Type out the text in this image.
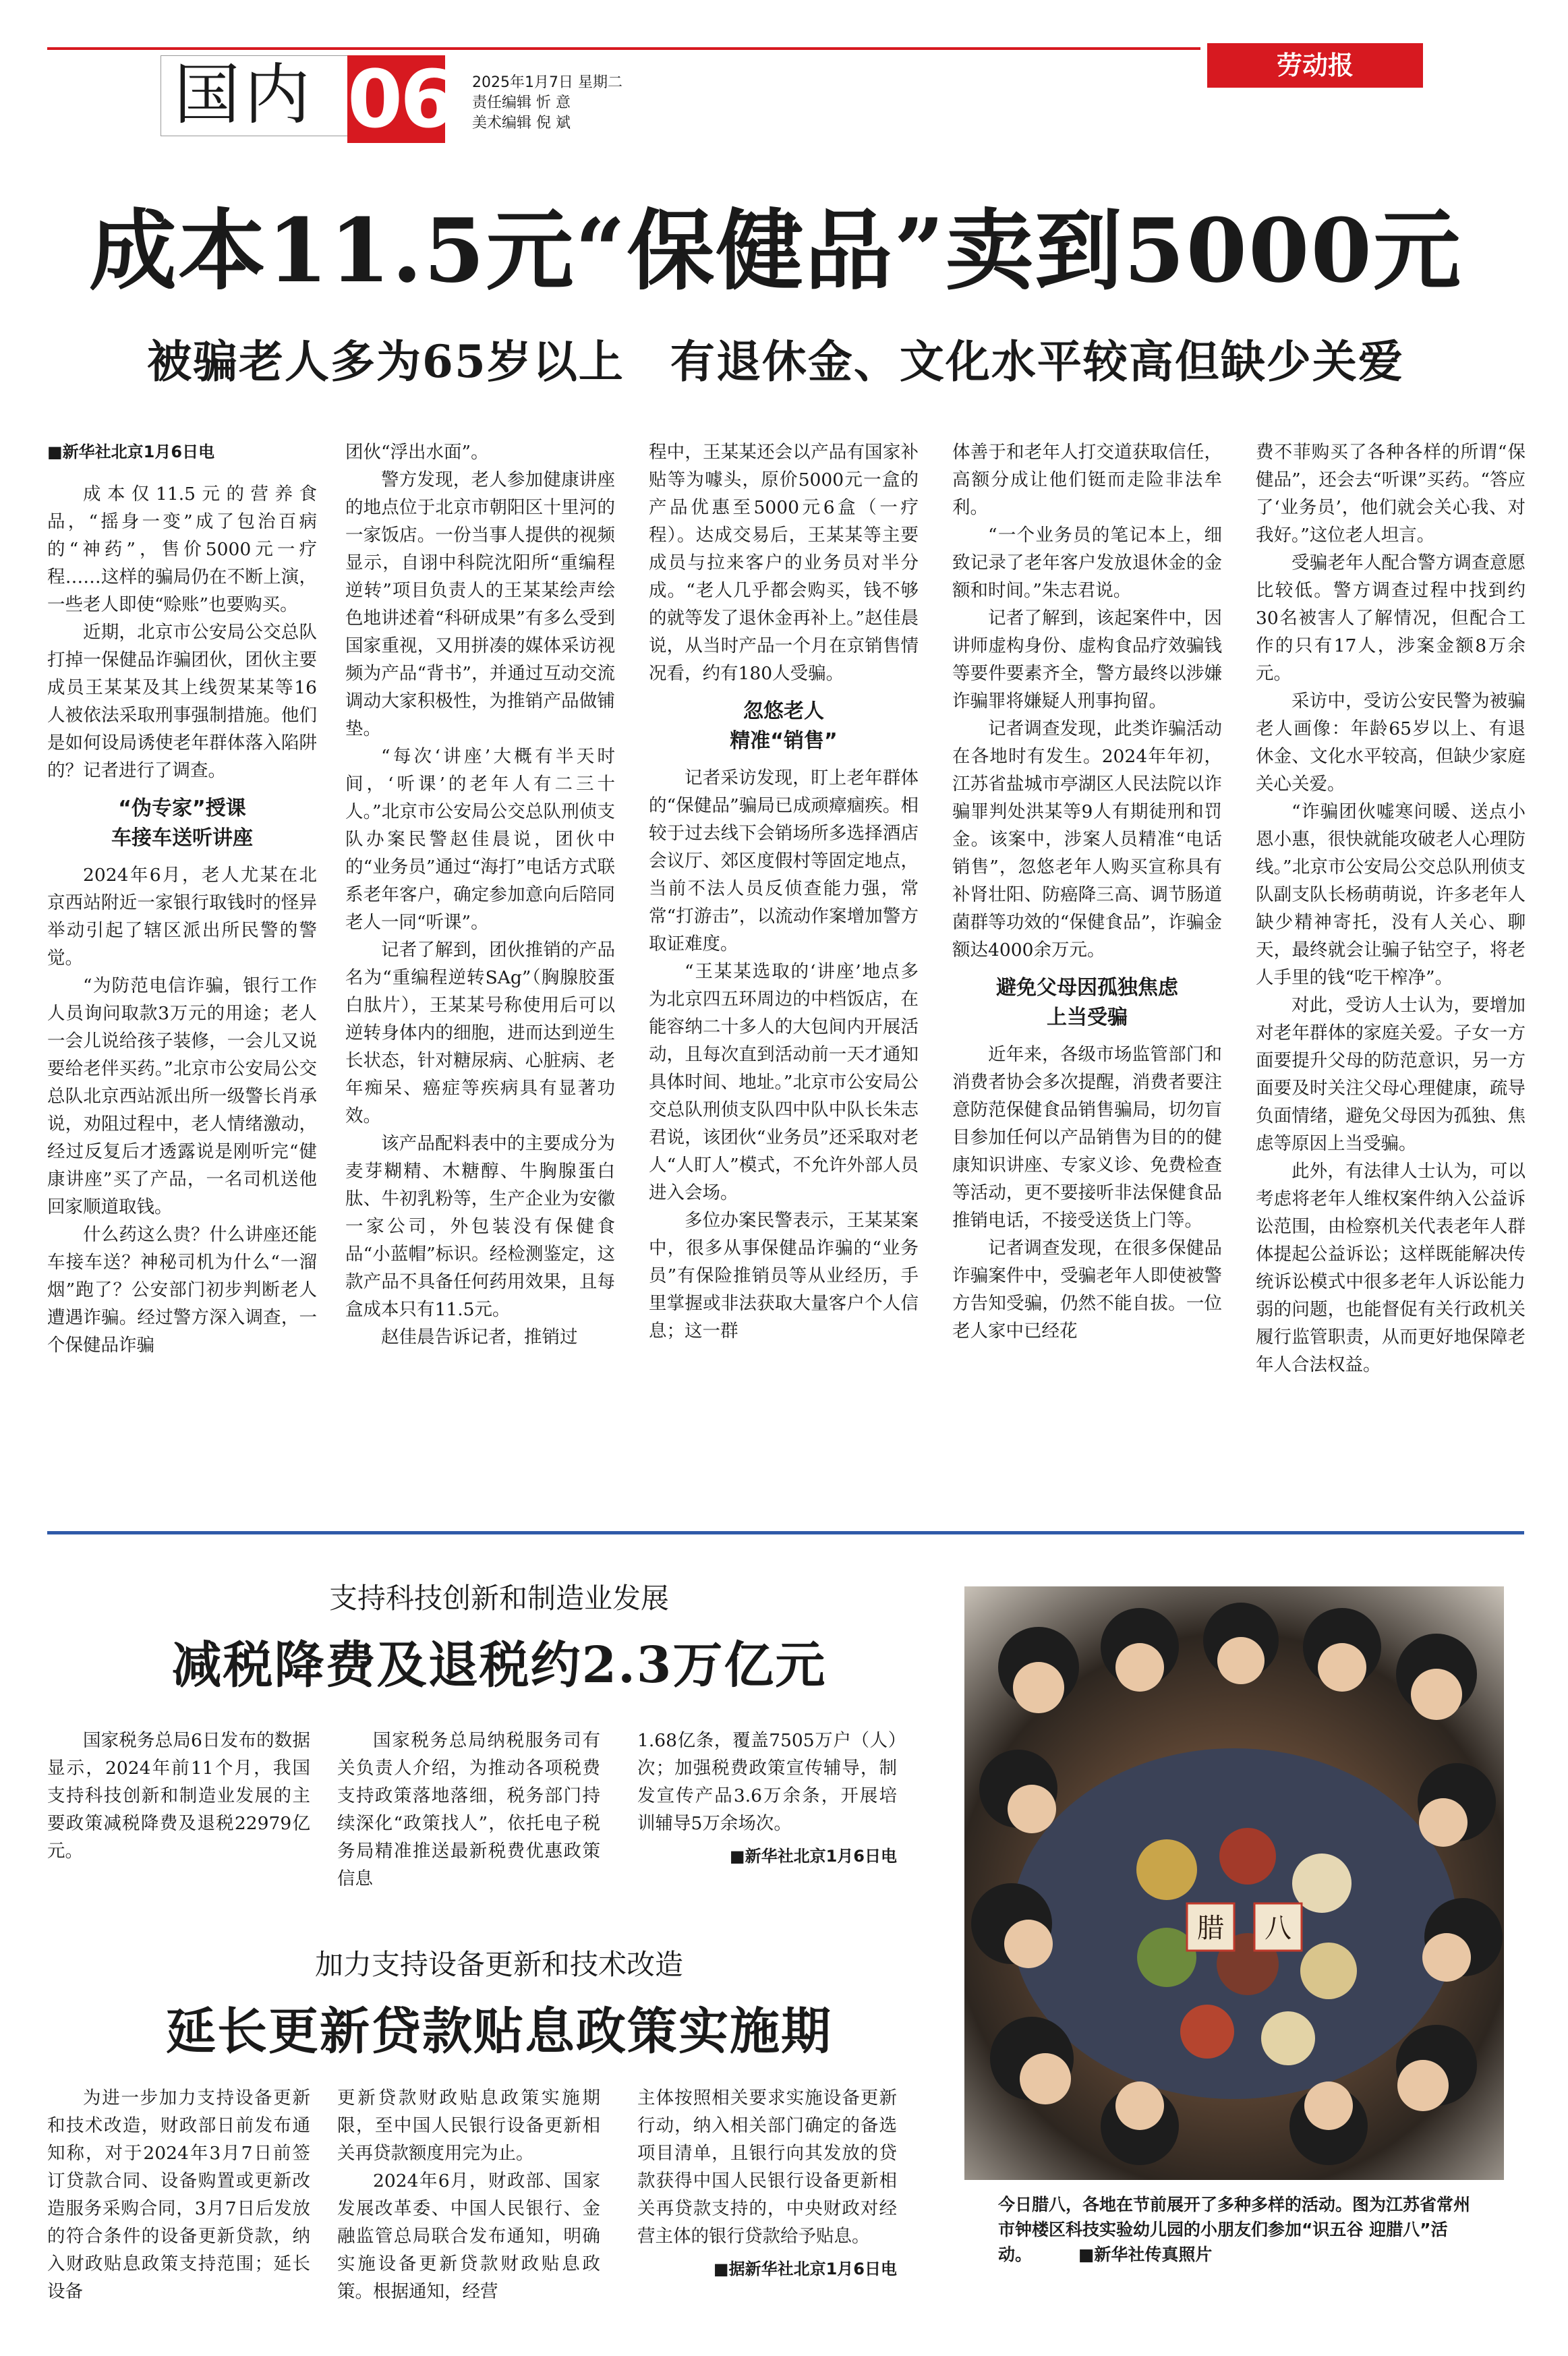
国内 06 2025年1月7日 星期二
责任编辑 忻 意
美术编辑 倪 斌
劳动报
成本11.5元“保健品”卖到5000元
被骗老人多为65岁以上　有退休金、文化水平较高但缺少关爱
■新华社北京1月6日电

成本仅11.5元的营养食品，“摇身一变”成了包治百病的“神药”，售价5000元一疗程……这样的骗局仍在不断上演，一些老人即使“赊账”也要购买。

近期，北京市公安局公交总队打掉一保健品诈骗团伙，团伙主要成员王某某及其上线贺某某等16人被依法采取刑事强制措施。他们是如何设局诱使老年群体落入陷阱的？记者进行了调查。

“伪专家”授课
车接车送听讲座

2024年6月，老人尤某在北京西站附近一家银行取钱时的怪异举动引起了辖区派出所民警的警觉。

“为防范电信诈骗，银行工作人员询问取款3万元的用途；老人一会儿说给孩子装修，一会儿又说要给老伴买药。”北京市公安局公交总队北京西站派出所一级警长肖承说，劝阻过程中，老人情绪激动，经过反复后才透露说是刚听完“健康讲座”买了产品，一名司机送他回家顺道取钱。

什么药这么贵？什么讲座还能车接车送？神秘司机为什么“一溜烟”跑了？公安部门初步判断老人遭遇诈骗。经过警方深入调查，一个保健品诈骗

团伙“浮出水面”。

警方发现，老人参加健康讲座的地点位于北京市朝阳区十里河的一家饭店。一份当事人提供的视频显示，自诩中科院沈阳所“重编程逆转”项目负责人的王某某绘声绘色地讲述着“科研成果”有多么受到国家重视，又用拼凑的媒体采访视频为产品“背书”，并通过互动交流调动大家积极性，为推销产品做铺垫。

“每次‘讲座’大概有半天时间，‘听课’的老年人有二三十人。”北京市公安局公交总队刑侦支队办案民警赵佳晨说，团伙中的“业务员”通过“海打”电话方式联系老年客户，确定参加意向后陪同老人一同“听课”。

记者了解到，团伙推销的产品名为“重编程逆转SAg”（胸腺胶蛋白肽片），王某某号称使用后可以逆转身体内的细胞，进而达到逆生长状态，针对糖尿病、心脏病、老年痴呆、癌症等疾病具有显著功效。

该产品配料表中的主要成分为麦芽糊精、木糖醇、牛胸腺蛋白肽、牛初乳粉等，生产企业为安徽一家公司，外包装没有保健食品“小蓝帽”标识。经检测鉴定，这款产品不具备任何药用效果，且每盒成本只有11.5元。

赵佳晨告诉记者，推销过

程中，王某某还会以产品有国家补贴等为噱头，原价5000元一盒的产品优惠至5000元6盒（一疗程）。达成交易后，王某某等主要成员与拉来客户的业务员对半分成。“老人几乎都会购买，钱不够的就等发了退休金再补上。”赵佳晨说，从当时产品一个月在京销售情况看，约有180人受骗。

忽悠老人
精准“销售”

记者采访发现，盯上老年群体的“保健品”骗局已成顽瘴痼疾。相较于过去线下会销场所多选择酒店会议厅、郊区度假村等固定地点，当前不法人员反侦查能力强，常常“打游击”，以流动作案增加警方取证难度。

“王某某选取的‘讲座’地点多为北京四五环周边的中档饭店，在能容纳二十多人的大包间内开展活动，且每次直到活动前一天才通知具体时间、地址。”北京市公安局公交总队刑侦支队四中队中队长朱志君说，该团伙“业务员”还采取对老人“人盯人”模式，不允许外部人员进入会场。

多位办案民警表示，王某某案中，很多从事保健品诈骗的“业务员”有保险推销员等从业经历，手里掌握或非法获取大量客户个人信息；这一群

体善于和老年人打交道获取信任，高额分成让他们铤而走险非法牟利。

“一个业务员的笔记本上，细致记录了老年客户发放退休金的金额和时间。”朱志君说。

记者了解到，该起案件中，因讲师虚构身份、虚构食品疗效骗钱等要件要素齐全，警方最终以涉嫌诈骗罪将嫌疑人刑事拘留。

记者调查发现，此类诈骗活动在各地时有发生。2024年年初，江苏省盐城市亭湖区人民法院以诈骗罪判处洪某等9人有期徒刑和罚金。该案中，涉案人员精准“电话销售”，忽悠老年人购买宣称具有补肾壮阳、防癌降三高、调节肠道菌群等功效的“保健食品”，诈骗金额达4000余万元。

避免父母因孤独焦虑
上当受骗

近年来，各级市场监管部门和消费者协会多次提醒，消费者要注意防范保健食品销售骗局，切勿盲目参加任何以产品销售为目的的健康知识讲座、专家义诊、免费检查等活动，更不要接听非法保健食品推销电话，不接受送货上门等。

记者调查发现，在很多保健品诈骗案件中，受骗老年人即使被警方告知受骗，仍然不能自拔。一位老人家中已经花

费不菲购买了各种各样的所谓“保健品”，还会去“听课”买药。“答应了‘业务员’，他们就会关心我、对我好。”这位老人坦言。

受骗老年人配合警方调查意愿比较低。警方调查过程中找到约30名被害人了解情况，但配合工作的只有17人，涉案金额8万余元。

采访中，受访公安民警为被骗老人画像：年龄65岁以上、有退休金、文化水平较高，但缺少家庭关心关爱。

“诈骗团伙嘘寒问暖、送点小恩小惠，很快就能攻破老人心理防线。”北京市公安局公交总队刑侦支队副支队长杨萌萌说，许多老年人缺少精神寄托，没有人关心、聊天，最终就会让骗子钻空子，将老人手里的钱“吃干榨净”。

对此，受访人士认为，要增加对老年群体的家庭关爱。子女一方面要提升父母的防范意识，另一方面要及时关注父母心理健康，疏导负面情绪，避免父母因为孤独、焦虑等原因上当受骗。

此外，有法律人士认为，可以考虑将老年人维权案件纳入公益诉讼范围，由检察机关代表老年人群体提起公益诉讼；这样既能解决传统诉讼模式中很多老年人诉讼能力弱的问题，也能督促有关行政机关履行监管职责，从而更好地保障老年人合法权益。

支持科技创新和制造业发展
减税降费及退税约2.3万亿元

国家税务总局6日发布的数据显示，2024年前11个月，我国支持科技创新和制造业发展的主要政策减税降费及退税22979亿元。

国家税务总局纳税服务司有关负责人介绍，为推动各项税费支持政策落地落细，税务部门持续深化“政策找人”，依托电子税务局精准推送最新税费优惠政策信息

1.68亿条，覆盖7505万户（人）次；加强税费政策宣传辅导，制发宣传产品3.6万余条，开展培训辅导5万余场次。

■新华社北京1月6日电
加力支持设备更新和技术改造
延长更新贷款贴息政策实施期

为进一步加力支持设备更新和技术改造，财政部日前发布通知称，对于2024年3月7日前签订贷款合同、设备购置或更新改造服务采购合同，3月7日后发放的符合条件的设备更新贷款，纳入财政贴息政策支持范围；延长设备

更新贷款财政贴息政策实施期限，至中国人民银行设备更新相关再贷款额度用完为止。

2024年6月，财政部、国家发展改革委、中国人民银行、金融监管总局联合发布通知，明确实施设备更新贷款财政贴息政策。根据通知，经营

主体按照相关要求实施设备更新行动，纳入相关部门确定的备选项目清单，且银行向其发放的贷款获得中国人民银行设备更新相关再贷款支持的，中央财政对经营主体的银行贷款给予贴息。

■据新华社北京1月6日电
腊 八
今日腊八，各地在节前展开了多种多样的活动。图为江苏省常州市钟楼区科技实验幼儿园的小朋友们参加“识五谷 迎腊八”活动。	■新华社传真照片
